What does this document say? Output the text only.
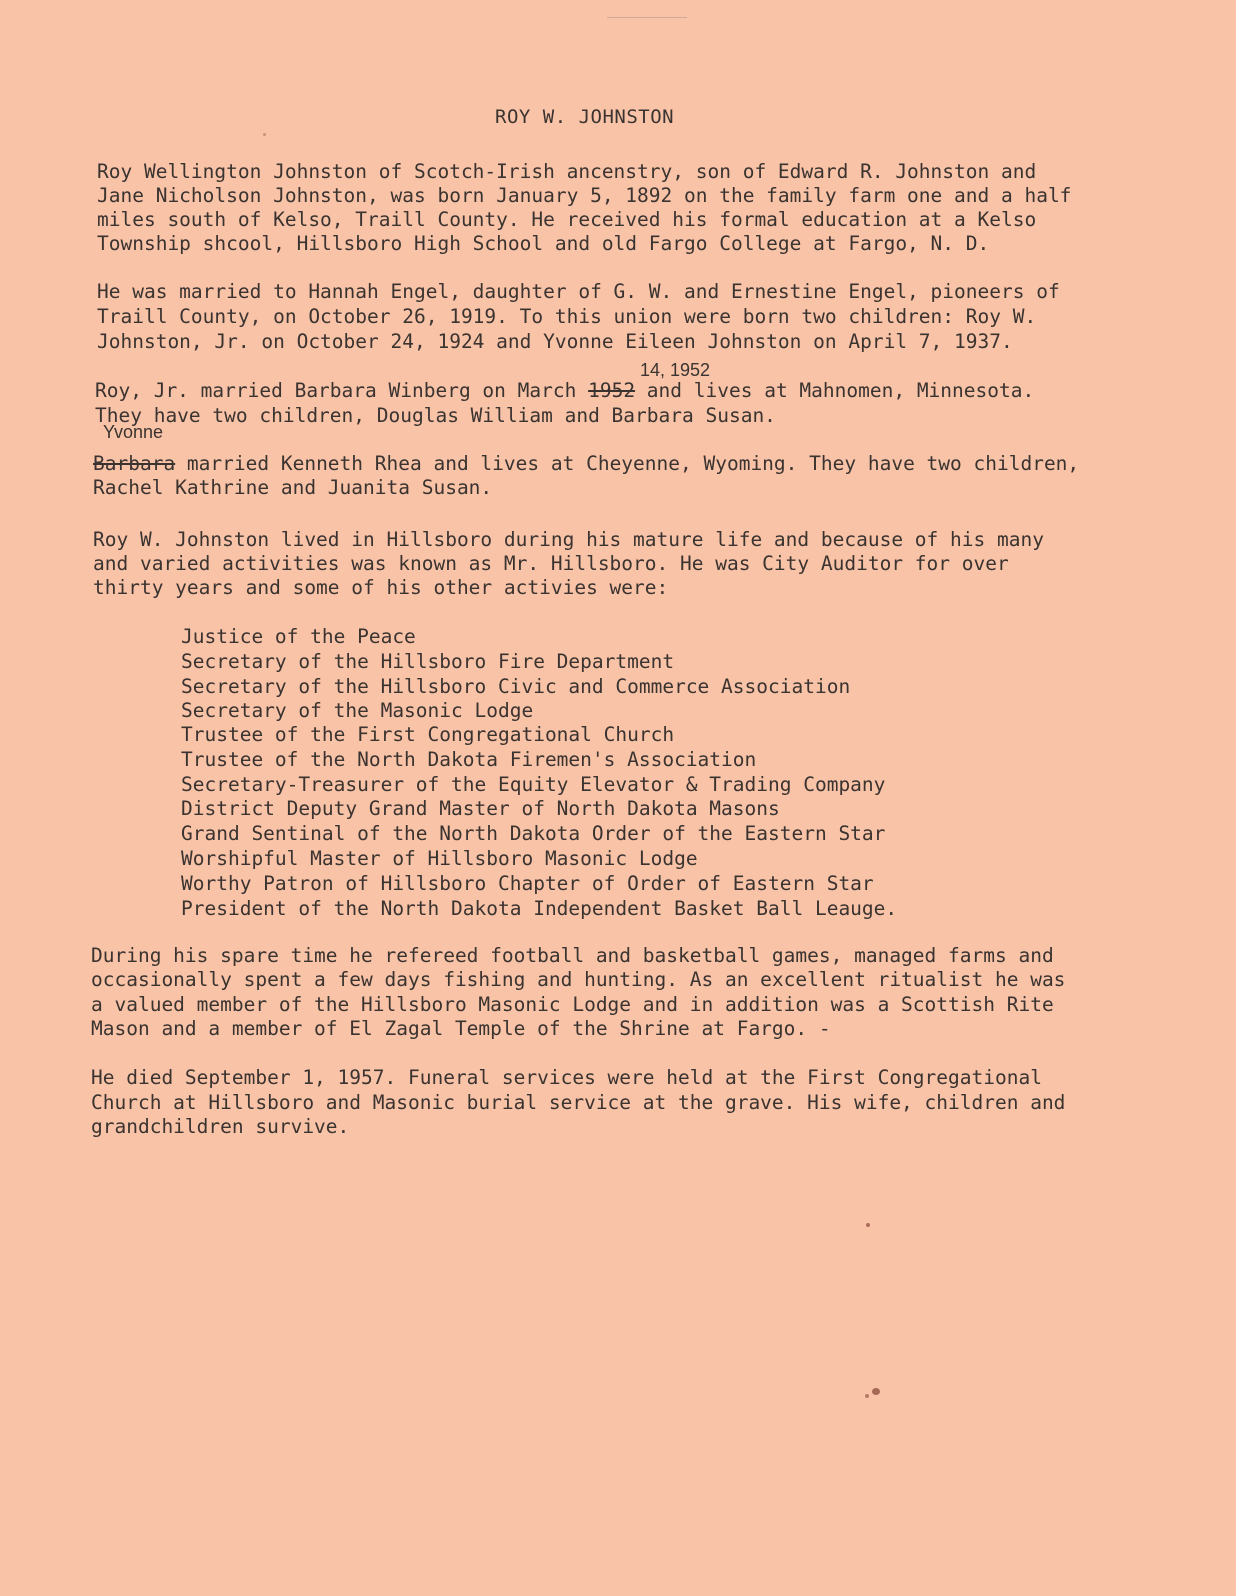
ROY W. JOHNSTON
Roy Wellington Johnston of Scotch-Irish ancenstry, son of Edward R. Johnston and
Jane Nicholson Johnston, was born January 5, 1892 on the family farm one and a half
miles south of Kelso, Traill County. He received his formal education at a Kelso
Township shcool, Hillsboro High School and old Fargo College at Fargo, N. D.
He was married to Hannah Engel, daughter of G. W. and Ernestine Engel, pioneers of
Traill County, on October 26, 1919. To this union were born two children: Roy W.
Johnston, Jr. on October 24, 1924 and Yvonne Eileen Johnston on April 7, 1937.
14, 1952
Roy, Jr. married Barbara Winberg on March 1952 and lives at Mahnomen, Minnesota.
They have two children, Douglas William and Barbara Susan.
Yvonne
Barbara married Kenneth Rhea and lives at Cheyenne, Wyoming. They have two children,
Rachel Kathrine and Juanita Susan.
Roy W. Johnston lived in Hillsboro during his mature life and because of his many
and varied activities was known as Mr. Hillsboro. He was City Auditor for over
thirty years and some of his other activies were:
Justice of the Peace
Secretary of the Hillsboro Fire Department
Secretary of the Hillsboro Civic and Commerce Association
Secretary of the Masonic Lodge
Trustee of the First Congregational Church
Trustee of the North Dakota Firemen's Association
Secretary-Treasurer of the Equity Elevator & Trading Company
District Deputy Grand Master of North Dakota Masons
Grand Sentinal of the North Dakota Order of the Eastern Star
Worshipful Master of Hillsboro Masonic Lodge
Worthy Patron of Hillsboro Chapter of Order of Eastern Star
President of the North Dakota Independent Basket Ball Leauge.
During his spare time he refereed football and basketball games, managed farms and
occasionally spent a few days fishing and hunting. As an excellent ritualist he was
a valued member of the Hillsboro Masonic Lodge and in addition was a Scottish Rite
Mason and a member of El Zagal Temple of the Shrine at Fargo. -
He died September 1, 1957. Funeral services were held at the First Congregational
Church at Hillsboro and Masonic burial service at the grave. His wife, children and
grandchildren survive.
